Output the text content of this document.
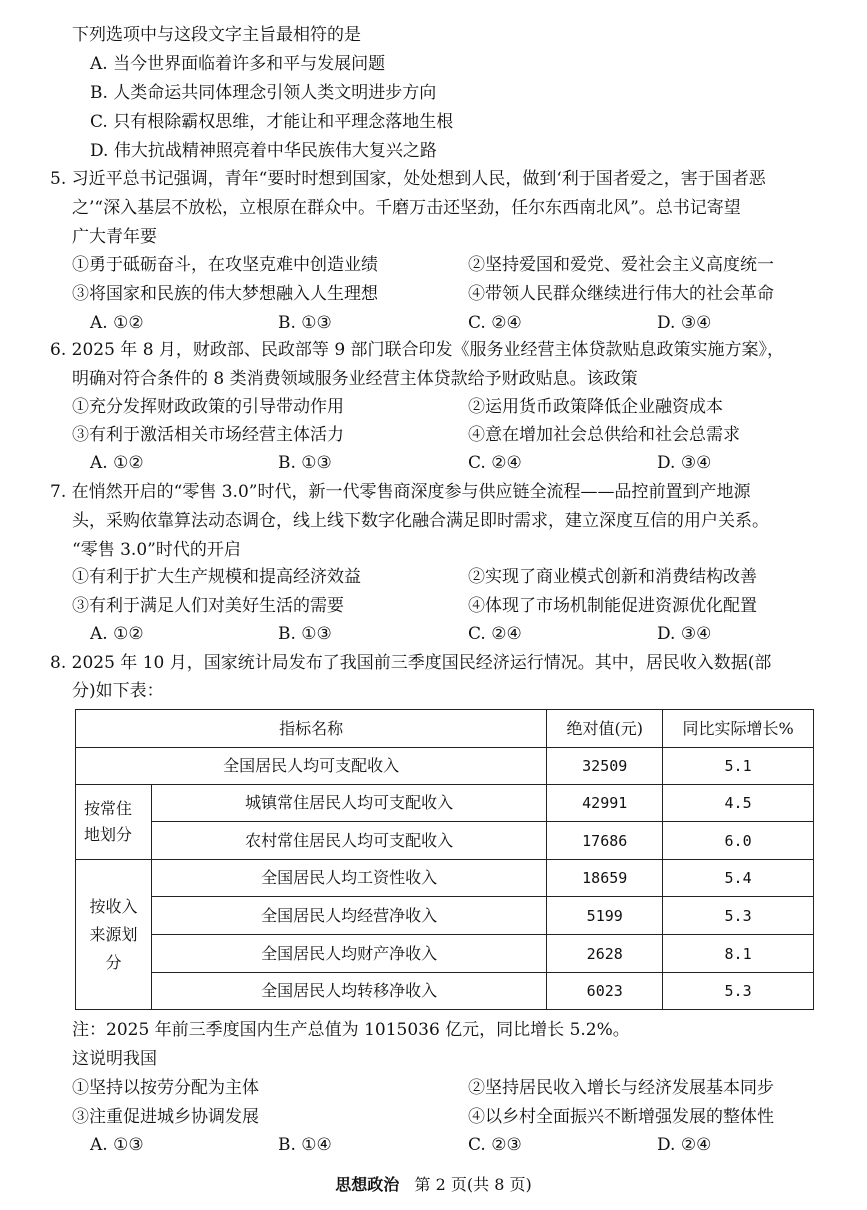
下列选项中与这段文字主旨最相符的是
A. 当今世界面临着许多和平与发展问题
B. 人类命运共同体理念引领人类文明进步方向
C. 只有根除霸权思维，才能让和平理念落地生根
D. 伟大抗战精神照亮着中华民族伟大复兴之路
5. 习近平总书记强调，青年“要时时想到国家，处处想到人民，做到‘利于国者爱之，害于国者恶
之’“深入基层不放松，立根原在群众中。千磨万击还坚劲，任尔东西南北风”。总书记寄望
广大青年要
①勇于砥砺奋斗，在攻坚克难中创造业绩	②坚持爱国和爱党、爱社会主义高度统一
③将国家和民族的伟大梦想融入人生理想	④带领人民群众继续进行伟大的社会革命
A. ①②	B. ①③	C. ②④	D. ③④
6. 2025 年 8 月，财政部、民政部等 9 部门联合印发《服务业经营主体贷款贴息政策实施方案》，
明确对符合条件的 8 类消费领域服务业经营主体贷款给予财政贴息。该政策
①充分发挥财政政策的引导带动作用	②运用货币政策降低企业融资成本
③有利于激活相关市场经营主体活力	④意在增加社会总供给和社会总需求
A. ①②	B. ①③	C. ②④	D. ③④
7. 在悄然开启的“零售 3.0”时代，新一代零售商深度参与供应链全流程——品控前置到产地源
头，采购依靠算法动态调仓，线上线下数字化融合满足即时需求，建立深度互信的用户关系。
“零售 3.0”时代的开启
①有利于扩大生产规模和提高经济效益	②实现了商业模式创新和消费结构改善
③有利于满足人们对美好生活的需要	④体现了市场机制能促进资源优化配置
A. ①②	B. ①③	C. ②④	D. ③④
8. 2025 年 10 月，国家统计局发布了我国前三季度国民经济运行情况。其中，居民收入数据(部
分)如下表：
指标名称		绝对值(元)	同比实际增长%
全国居民人均可支配收入		32509	5.1

按常住
地划分	城镇常住居民人均可支配收入	42991	4.5
	农村常住居民人均可支配收入	17686	6.0

按收入
来源划
分	全国居民人均工资性收入	18659	5.4
	全国居民人均经营净收入	5199	5.3
	全国居民人均财产净收入	2628	8.1
	全国居民人均转移净收入	6023	5.3
注：2025 年前三季度国内生产总值为 1015036 亿元，同比增长 5.2%。
这说明我国
①坚持以按劳分配为主体	②坚持居民收入增长与经济发展基本同步
③注重促进城乡协调发展	④以乡村全面振兴不断增强发展的整体性
A. ①③	B. ①④	C. ②③	D. ②④
思想政治 第 2 页(共 8 页)
